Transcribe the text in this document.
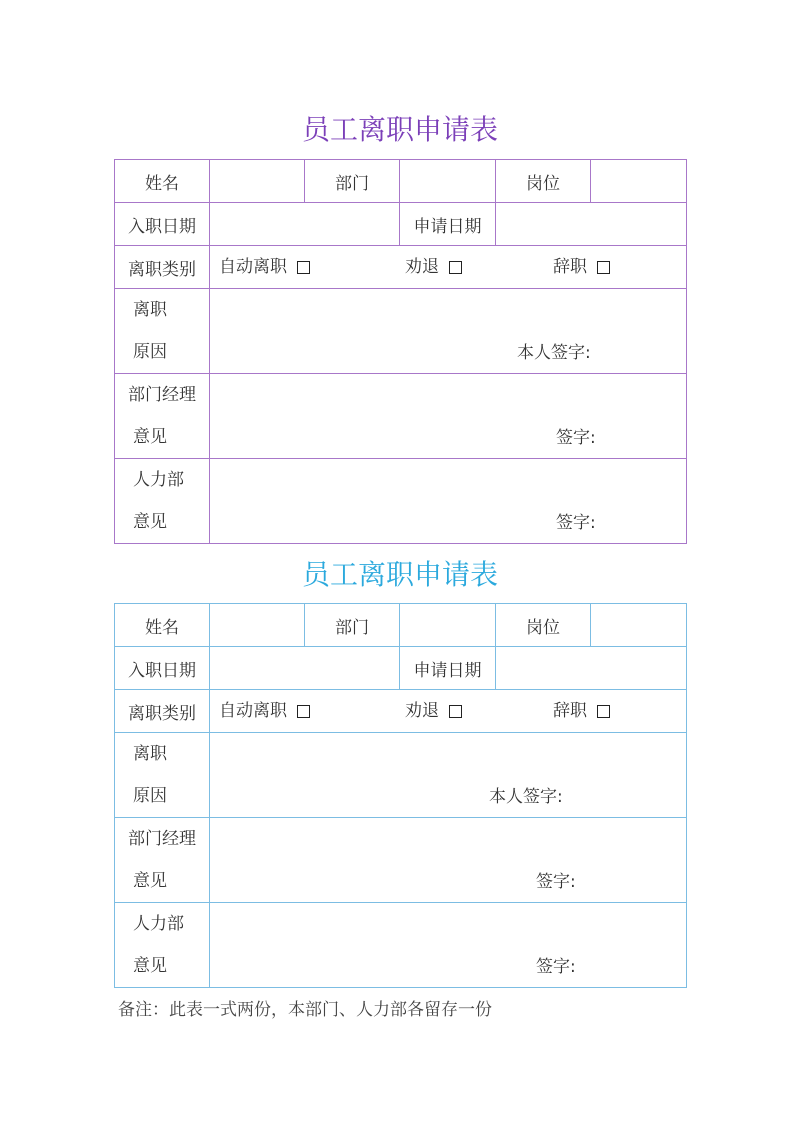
员工离职申请表
姓名		部门		岗位	
入职日期			申请日期		
离职类别	自动离职 劝退 辞职				

离职
原因	本人签字:				

部门经理
意见	签字:				

人力部
意见	签字:				
员工离职申请表
姓名		部门		岗位	
入职日期			申请日期		
离职类别	自动离职 劝退 辞职				

离职
原因	本人签字:				

部门经理
意见	签字:				

人力部
意见	签字:				
备注：此表一式两份，本部门、人力部各留存一份
